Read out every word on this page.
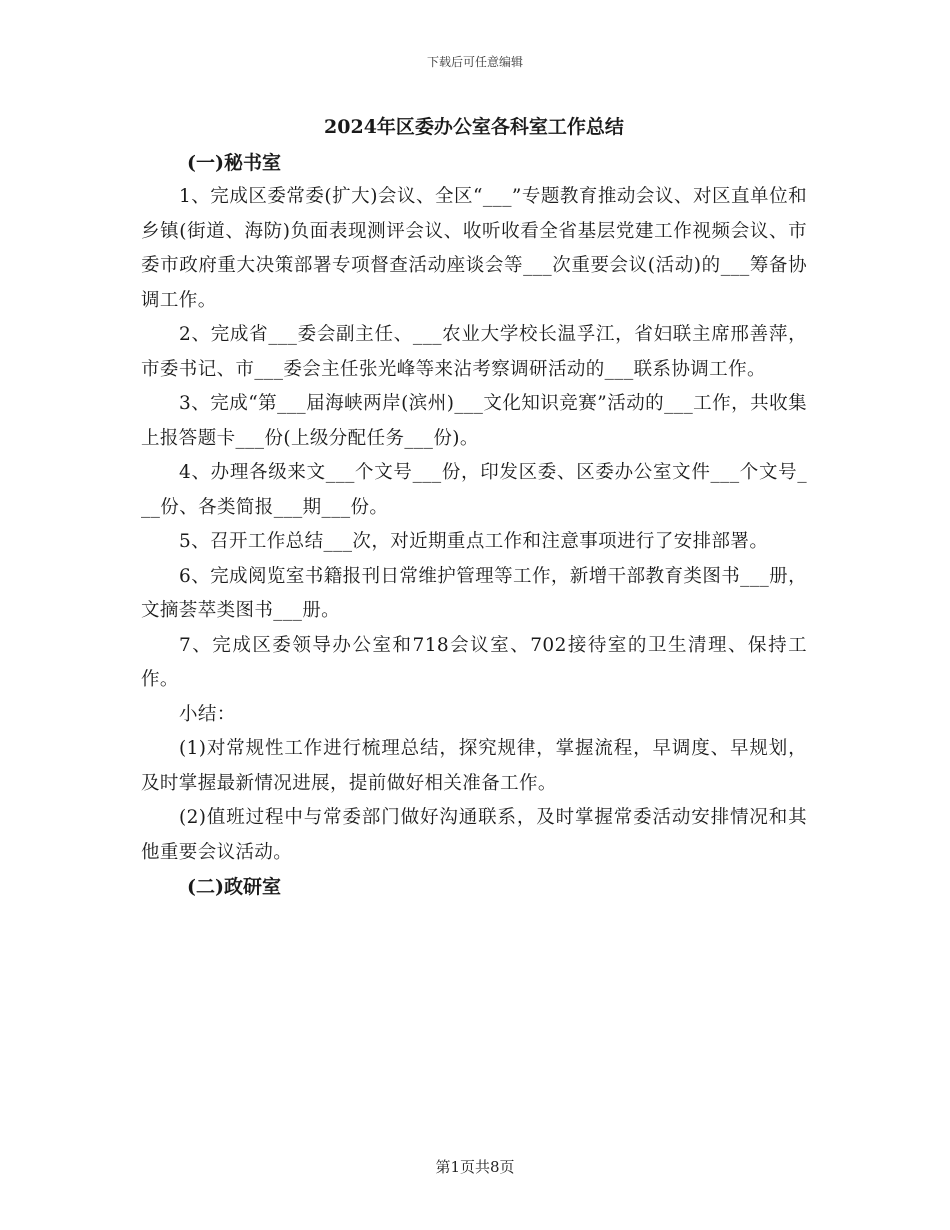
下载后可任意编辑
2024年区委办公室各科室工作总结
(一)秘书室

1、完成区委常委(扩大)会议、全区“___”专题教育推动会议、对区直单位和乡镇(街道、海防)负面表现测评会议、收听收看全省基层党建工作视频会议、市委市政府重大决策部署专项督查活动座谈会等___次重要会议(活动)的___筹备协调工作。

2、完成省___委会副主任、___农业大学校长温孚江，省妇联主席邢善萍，市委书记、市___委会主任张光峰等来沾考察调研活动的___联系协调工作。

3、完成“第___届海峡两岸(滨州)___文化知识竞赛”活动的___工作，共收集上报答题卡___份(上级分配任务___份)。

4、办理各级来文___个文号___份，印发区委、区委办公室文件___个文号___份、各类简报___期___份。

5、召开工作总结___次，对近期重点工作和注意事项进行了安排部署。

6、完成阅览室书籍报刊日常维护管理等工作，新增干部教育类图书___册，文摘荟萃类图书___册。

7、完成区委领导办公室和718会议室、702接待室的卫生清理、保持工作。

小结：

(1)对常规性工作进行梳理总结，探究规律，掌握流程，早调度、早规划，及时掌握最新情况进展，提前做好相关准备工作。

(2)值班过程中与常委部门做好沟通联系，及时掌握常委活动安排情况和其他重要会议活动。

(二)政研室
第1页共8页
